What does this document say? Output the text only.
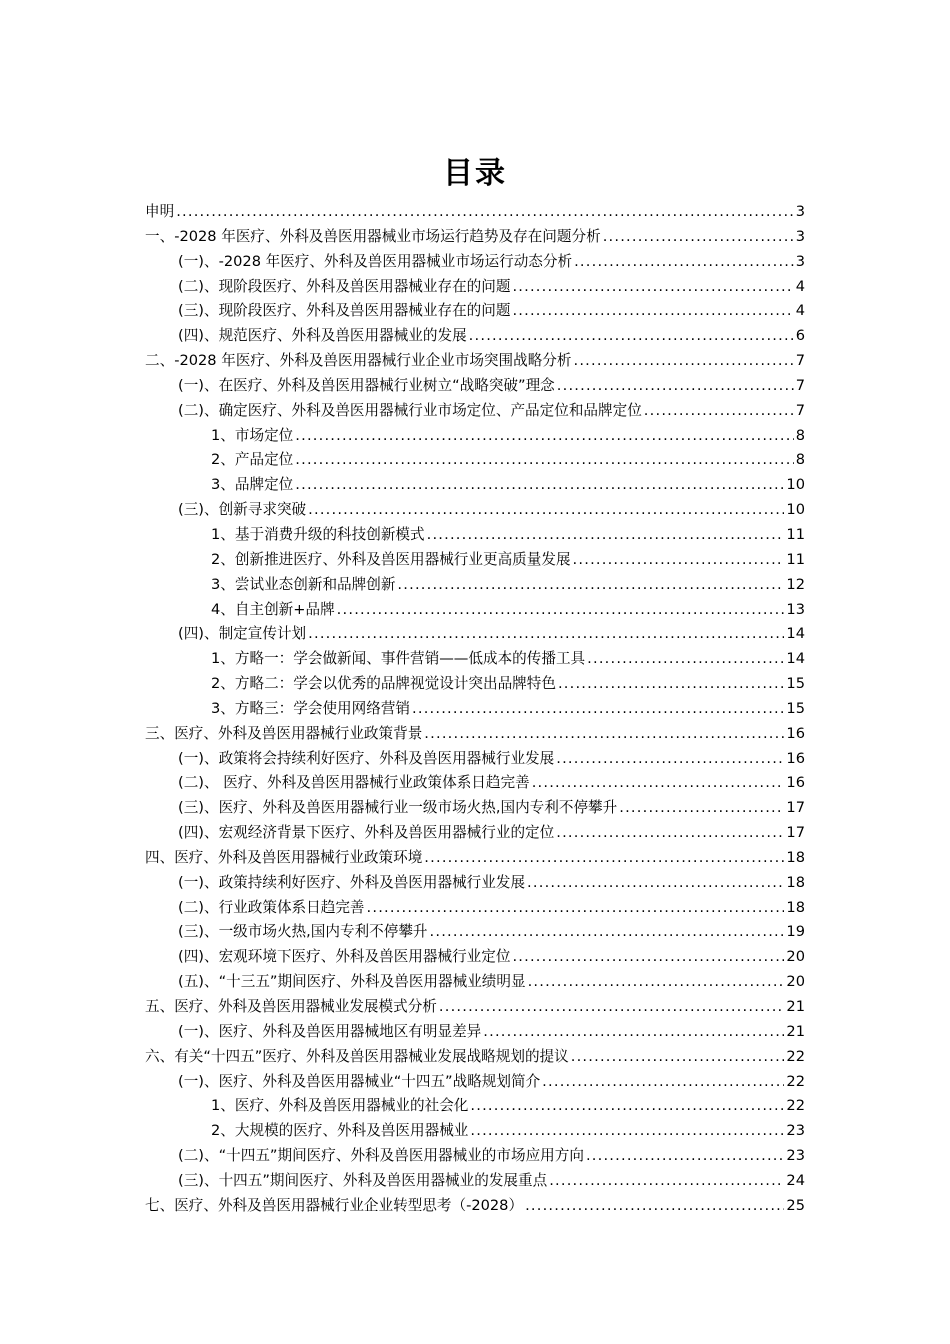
目录
申明 .....	3
一、-2028 年医疗、外科及兽医用器械业市场运行趋势及存在问题分析 .....	3
(一)、-2028 年医疗、外科及兽医用器械业市场运行动态分析 .....	3
(二)、现阶段医疗、外科及兽医用器械业存在的问题 .....	4
(三)、现阶段医疗、外科及兽医用器械业存在的问题 .....	4
(四)、规范医疗、外科及兽医用器械业的发展 .....	6
二、-2028 年医疗、外科及兽医用器械行业企业市场突围战略分析 .....	7
(一)、在医疗、外科及兽医用器械行业树立“战略突破”理念 .....	7
(二)、确定医疗、外科及兽医用器械行业市场定位、产品定位和品牌定位 .....	7
1、市场定位 .....	8
2、产品定位 .....	8
3、品牌定位 .....	10
(三)、创新寻求突破 .....	10
1、基于消费升级的科技创新模式 .....	11
2、创新推进医疗、外科及兽医用器械行业更高质量发展 .....	11
3、尝试业态创新和品牌创新 .....	12
4、自主创新+品牌 .....	13
(四)、制定宣传计划 .....	14
1、方略一：学会做新闻、事件营销——低成本的传播工具 .....	14
2、方略二：学会以优秀的品牌视觉设计突出品牌特色 .....	15
3、方略三：学会使用网络营销 .....	15
三、医疗、外科及兽医用器械行业政策背景 .....	16
(一)、政策将会持续利好医疗、外科及兽医用器械行业发展 .....	16
(二)、 医疗、外科及兽医用器械行业政策体系日趋完善 .....	16
(三)、医疗、外科及兽医用器械行业一级市场火热,国内专利不停攀升 .....	17
(四)、宏观经济背景下医疗、外科及兽医用器械行业的定位 .....	17
四、医疗、外科及兽医用器械行业政策环境 .....	18
(一)、政策持续利好医疗、外科及兽医用器械行业发展 .....	18
(二)、行业政策体系日趋完善 .....	18
(三)、一级市场火热,国内专利不停攀升 .....	19
(四)、宏观环境下医疗、外科及兽医用器械行业定位 .....	20
(五)、“十三五”期间医疗、外科及兽医用器械业绩明显 .....	20
五、医疗、外科及兽医用器械业发展模式分析 .....	21
(一)、医疗、外科及兽医用器械地区有明显差异 .....	21
六、有关“十四五”医疗、外科及兽医用器械业发展战略规划的提议 .....	22
(一)、医疗、外科及兽医用器械业“十四五”战略规划简介 .....	22
1、医疗、外科及兽医用器械业的社会化 .....	22
2、大规模的医疗、外科及兽医用器械业 .....	23
(二)、“十四五”期间医疗、外科及兽医用器械业的市场应用方向 .....	23
(三)、十四五”期间医疗、外科及兽医用器械业的发展重点 .....	24
七、医疗、外科及兽医用器械行业企业转型思考（-2028） .....	25
